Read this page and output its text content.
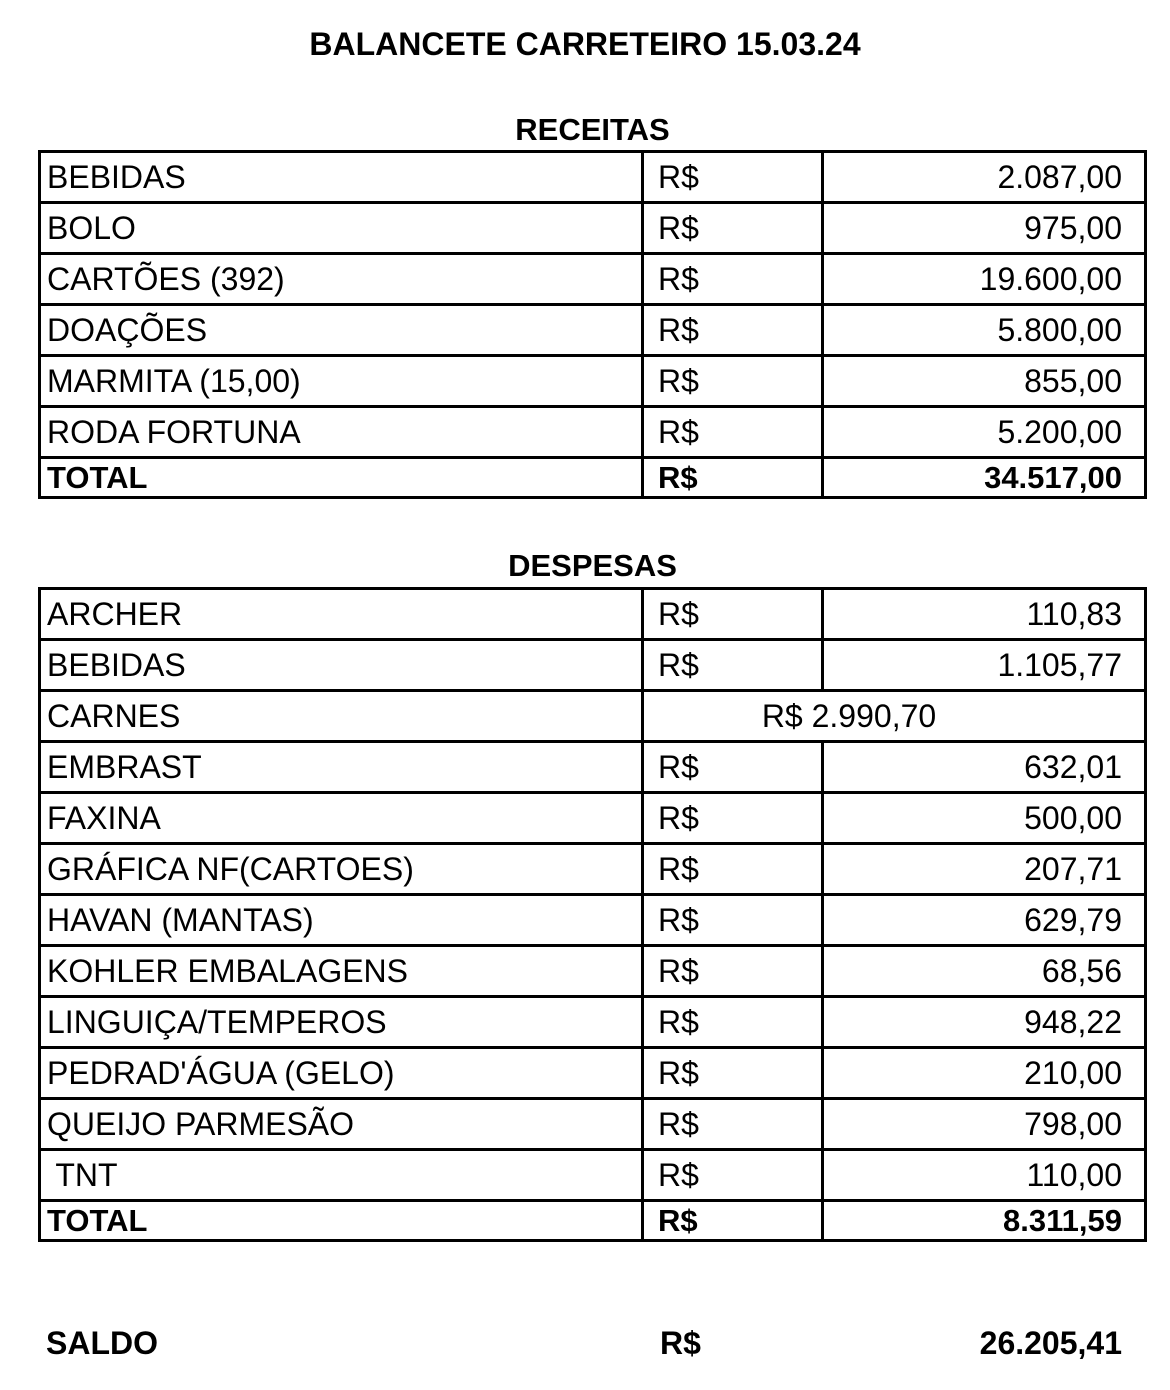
BALANCETE CARRETEIRO 15.03.24
RECEITAS
BEBIDAS	R$	2.087,00
BOLO	R$	975,00
CARTÕES (392)	R$	19.600,00
DOAÇÕES	R$	5.800,00
MARMITA (15,00)	R$	855,00
RODA FORTUNA	R$	5.200,00
TOTAL	R$	34.517,00
DESPESAS
ARCHER	R$	110,83
BEBIDAS	R$	1.105,77
CARNES	R$ 2.990,70	
EMBRAST	R$	632,01
FAXINA	R$	500,00
GRÁFICA NF(CARTOES)	R$	207,71
HAVAN (MANTAS)	R$	629,79
KOHLER EMBALAGENS	R$	68,56
LINGUIÇA/TEMPEROS	R$	948,22
PEDRAD'ÁGUA (GELO)	R$	210,00
QUEIJO PARMESÃO	R$	798,00
TNT	R$	110,00
TOTAL	R$	8.311,59
SALDO	R$	26.205,41
